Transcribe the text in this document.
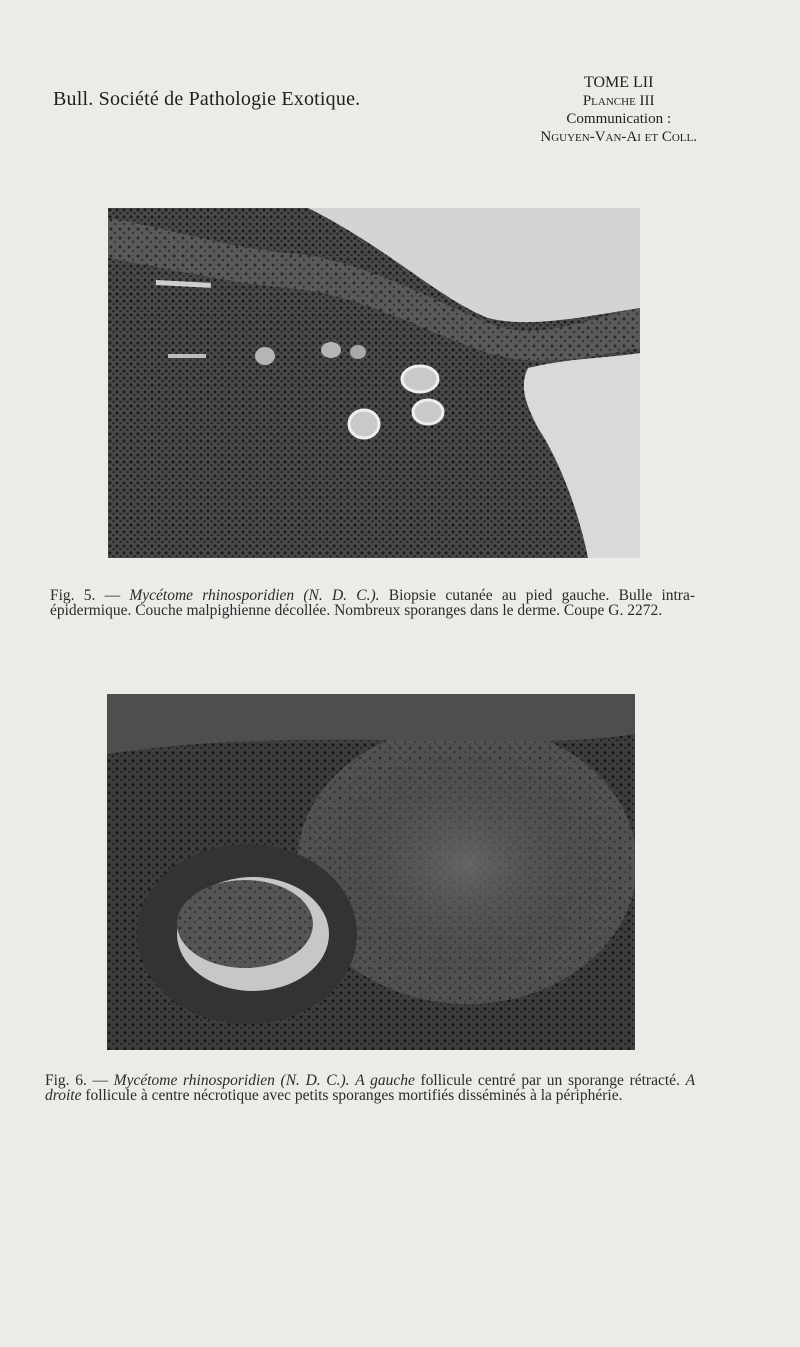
Bull. Société de Pathologie Exotique.
TOME LII
Planche III
Communication :
Nguyen-Van-Ai et Coll.
Fig. 5. — Mycétome rhinosporidien (N. D. C.). Biopsie cutanée au pied gauche. Bulle intra-épidermique. Couche malpighienne décollée. Nombreux sporanges dans le derme. Coupe G. 2272.
Fig. 6. — Mycétome rhinosporidien (N. D. C.). A gauche follicule centré par un sporange rétracté. A droite follicule à centre nécrotique avec petits sporanges mortifiés disséminés à la périphérie.
